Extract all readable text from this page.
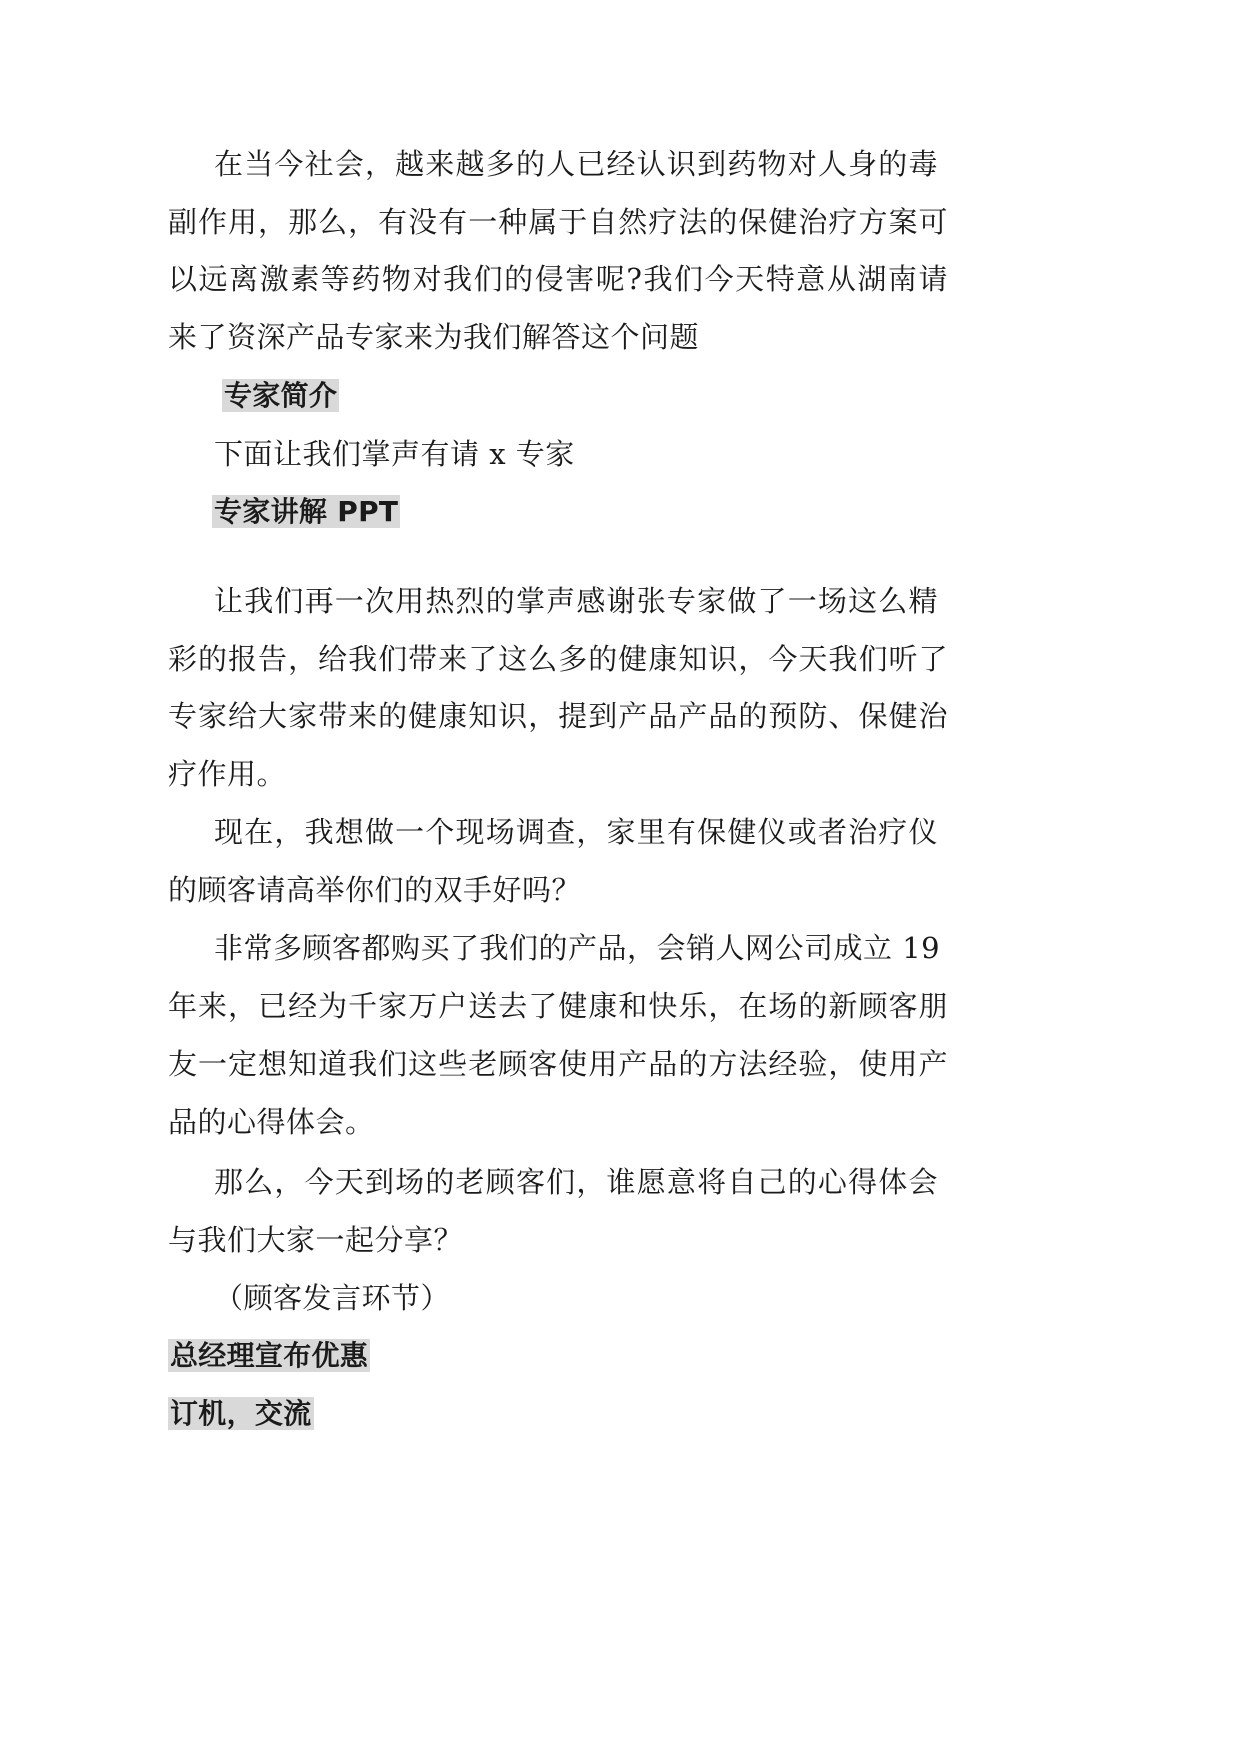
在当今社会，越来越多的人已经认识到药物对人身的毒
副作用，那么，有没有一种属于自然疗法的保健治疗方案可
以远离激素等药物对我们的侵害呢?我们今天特意从湖南请
来了资深产品专家来为我们解答这个问题
专家简介
下面让我们掌声有请 x 专家
专家讲解 PPT
让我们再一次用热烈的掌声感谢张专家做了一场这么精
彩的报告，给我们带来了这么多的健康知识，今天我们听了
专家给大家带来的健康知识，提到产品产品的预防、保健治
疗作用。
现在，我想做一个现场调查，家里有保健仪或者治疗仪
的顾客请高举你们的双手好吗？
非常多顾客都购买了我们的产品，会销人网公司成立 19
年来，已经为千家万户送去了健康和快乐，在场的新顾客朋
友一定想知道我们这些老顾客使用产品的方法经验，使用产
品的心得体会。
那么，今天到场的老顾客们，谁愿意将自己的心得体会
与我们大家一起分享？
（顾客发言环节）
总经理宣布优惠
订机，交流
